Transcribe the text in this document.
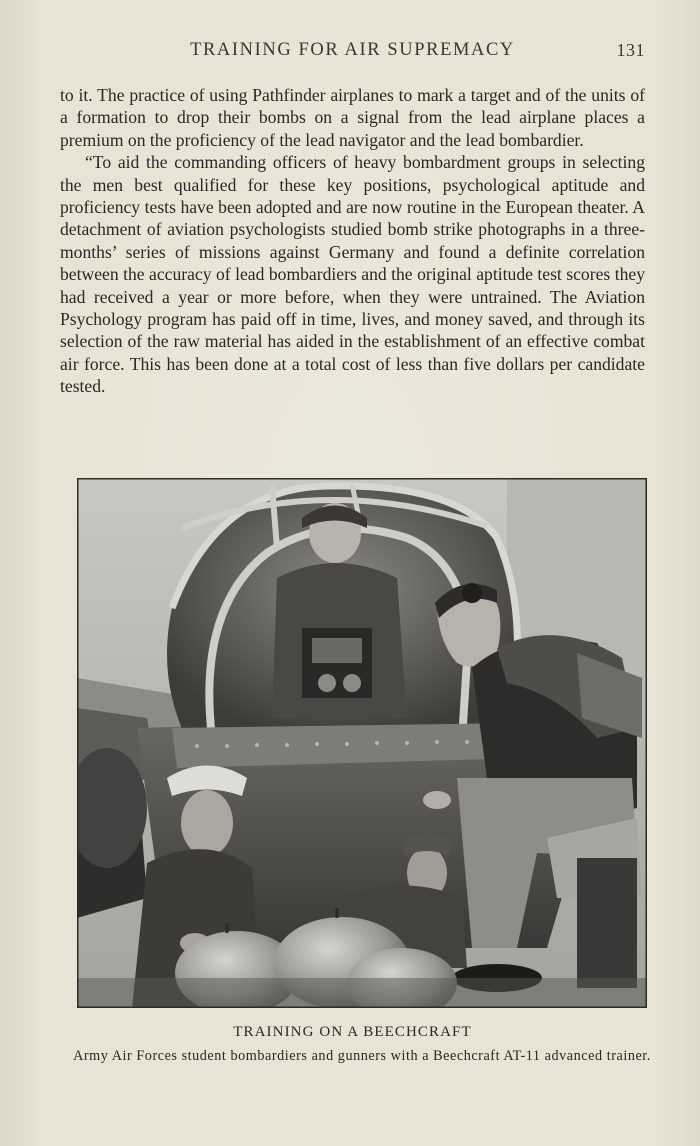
TRAINING FOR AIR SUPREMACY	131

to it. The practice of using Pathfinder airplanes to mark a target and of the units of a formation to drop their bombs on a signal from the lead airplane places a premium on the proficiency of the lead navigator and the lead bombardier.

“To aid the commanding officers of heavy bombardment groups in selecting the men best qualified for these key positions, psychological aptitude and proficiency tests have been adopted and are now routine in the European theater. A detachment of aviation psychologists studied bomb strike photographs in a three-months’ series of missions against Germany and found a definite correlation between the accuracy of lead bombardiers and the original aptitude test scores they had received a year or more before, when they were untrained. The Aviation Psychology program has paid off in time, lives, and money saved, and through its selection of the raw material has aided in the establishment of an effective combat air force. This has been done at a total cost of less than five dollars per candidate tested.

TRAINING ON A BEECHCRAFT
Army Air Forces student bombardiers and gunners with a Beechcraft AT-11 advanced trainer.
